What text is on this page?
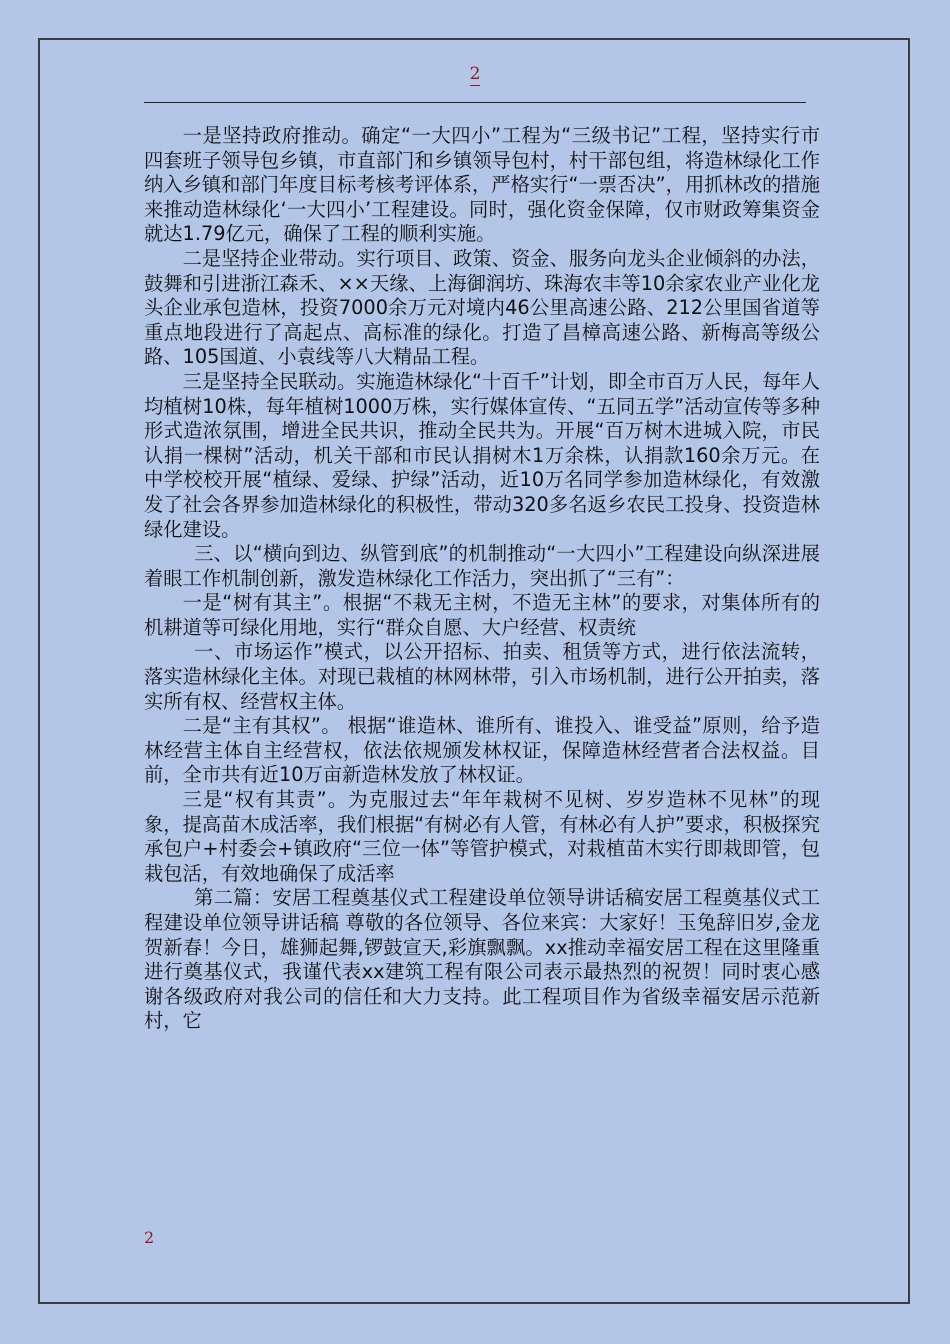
2

一是坚持政府推动。确定“一大四小”工程为“三级书记”工程，坚持实行市四套班子领导包乡镇，市直部门和乡镇领导包村，村干部包组，将造林绿化工作纳入乡镇和部门年度目标考核考评体系，严格实行“一票否决”，用抓林改的措施来推动造林绿化‘一大四小’工程建设。同时，强化资金保障，仅市财政筹集资金就达1.79亿元，确保了工程的顺利实施。

二是坚持企业带动。实行项目、政策、资金、服务向龙头企业倾斜的办法，鼓舞和引进浙江森禾、××天缘、上海御润坊、珠海农丰等10余家农业产业化龙头企业承包造林，投资7000余万元对境内46公里高速公路、212公里国省道等重点地段进行了高起点、高标准的绿化。打造了昌樟高速公路、新梅高等级公路、105国道、小袁线等八大精品工程。

三是坚持全民联动。实施造林绿化“十百千”计划，即全市百万人民，每年人均植树10株，每年植树1000万株，实行媒体宣传、“五同五学”活动宣传等多种形式造浓氛围，增进全民共识，推动全民共为。开展“百万树木进城入院，市民认捐一棵树”活动，机关干部和市民认捐树木1万余株，认捐款160余万元。在中学校校开展“植绿、爱绿、护绿”活动，近10万名同学参加造林绿化，有效激发了社会各界参加造林绿化的积极性，带动320多名返乡农民工投身、投资造林绿化建设。

三、以“横向到边、纵管到底”的机制推动“一大四小”工程建设向纵深进展着眼工作机制创新，激发造林绿化工作活力，突出抓了“三有”：

一是“树有其主”。根据“不栽无主树，不造无主林”的要求，对集体所有的机耕道等可绿化用地，实行“群众自愿、大户经营、权责统

一、市场运作”模式，以公开招标、拍卖、租赁等方式，进行依法流转，落实造林绿化主体。对现已栽植的林网林带，引入市场机制，进行公开拍卖，落实所有权、经营权主体。

二是“主有其权”。 根据“谁造林、谁所有、谁投入、谁受益”原则，给予造林经营主体自主经营权，依法依规颁发林权证，保障造林经营者合法权益。目前，全市共有近10万亩新造林发放了林权证。

三是“权有其责”。为克服过去“年年栽树不见树、岁岁造林不见林”的现象，提高苗木成活率，我们根据“有树必有人管，有林必有人护”要求，积极探究承包户+村委会+镇政府“三位一体”等管护模式，对栽植苗木实行即栽即管，包栽包活，有效地确保了成活率

第二篇：安居工程奠基仪式工程建设单位领导讲话稿安居工程奠基仪式工程建设单位领导讲话稿 尊敬的各位领导、各位来宾：大家好！玉兔辞旧岁,金龙贺新春！今日，雄狮起舞,锣鼓宣天,彩旗飘飘。xx推动幸福安居工程在这里隆重进行奠基仪式，我谨代表xx建筑工程有限公司表示最热烈的祝贺！同时衷心感谢各级政府对我公司的信任和大力支持。此工程项目作为省级幸福安居示范新村，它

2
